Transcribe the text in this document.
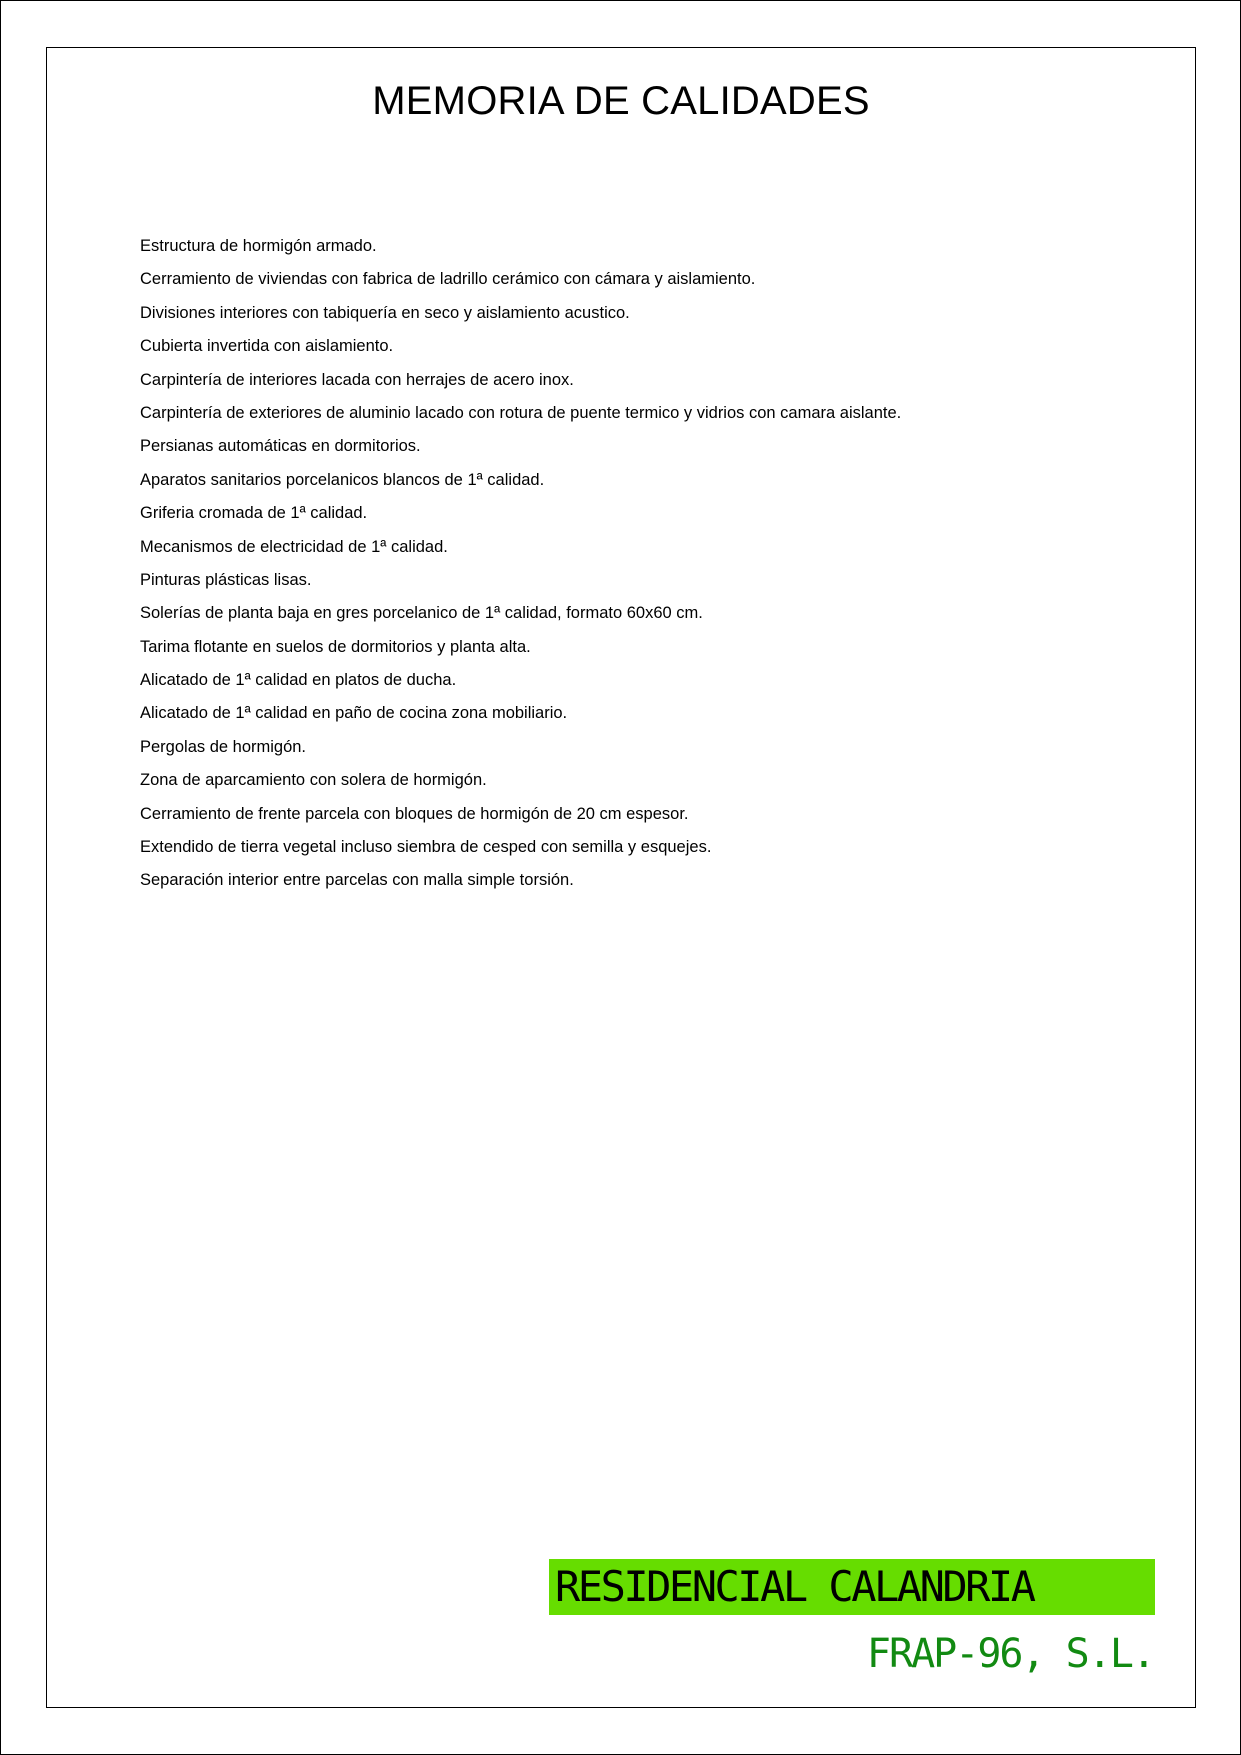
MEMORIA DE CALIDADES
Estructura de hormigón armado.
Cerramiento de viviendas con fabrica de ladrillo cerámico con cámara y aislamiento.
Divisiones interiores con tabiquería en seco y aislamiento acustico.
Cubierta invertida con aislamiento.
Carpintería de interiores lacada con herrajes de acero inox.
Carpintería de exteriores de aluminio lacado con rotura de puente termico y vidrios con camara aislante.
Persianas automáticas en dormitorios.
Aparatos sanitarios porcelanicos blancos de 1ª calidad.
Griferia cromada de 1ª calidad.
Mecanismos de electricidad de 1ª calidad.
Pinturas plásticas lisas.
Solerías de planta baja en gres porcelanico de 1ª calidad, formato 60x60 cm.
Tarima flotante en suelos de dormitorios y planta alta.
Alicatado de 1ª calidad en platos de ducha.
Alicatado de 1ª calidad en paño de cocina zona mobiliario.
Pergolas de hormigón.
Zona de aparcamiento con solera de hormigón.
Cerramiento de frente parcela con bloques de hormigón de 20 cm espesor.
Extendido de tierra vegetal incluso siembra de cesped con semilla y esquejes.
Separación interior entre parcelas con malla simple torsión.
RESIDENCIAL CALANDRIA
FRAP-96, S.L.
